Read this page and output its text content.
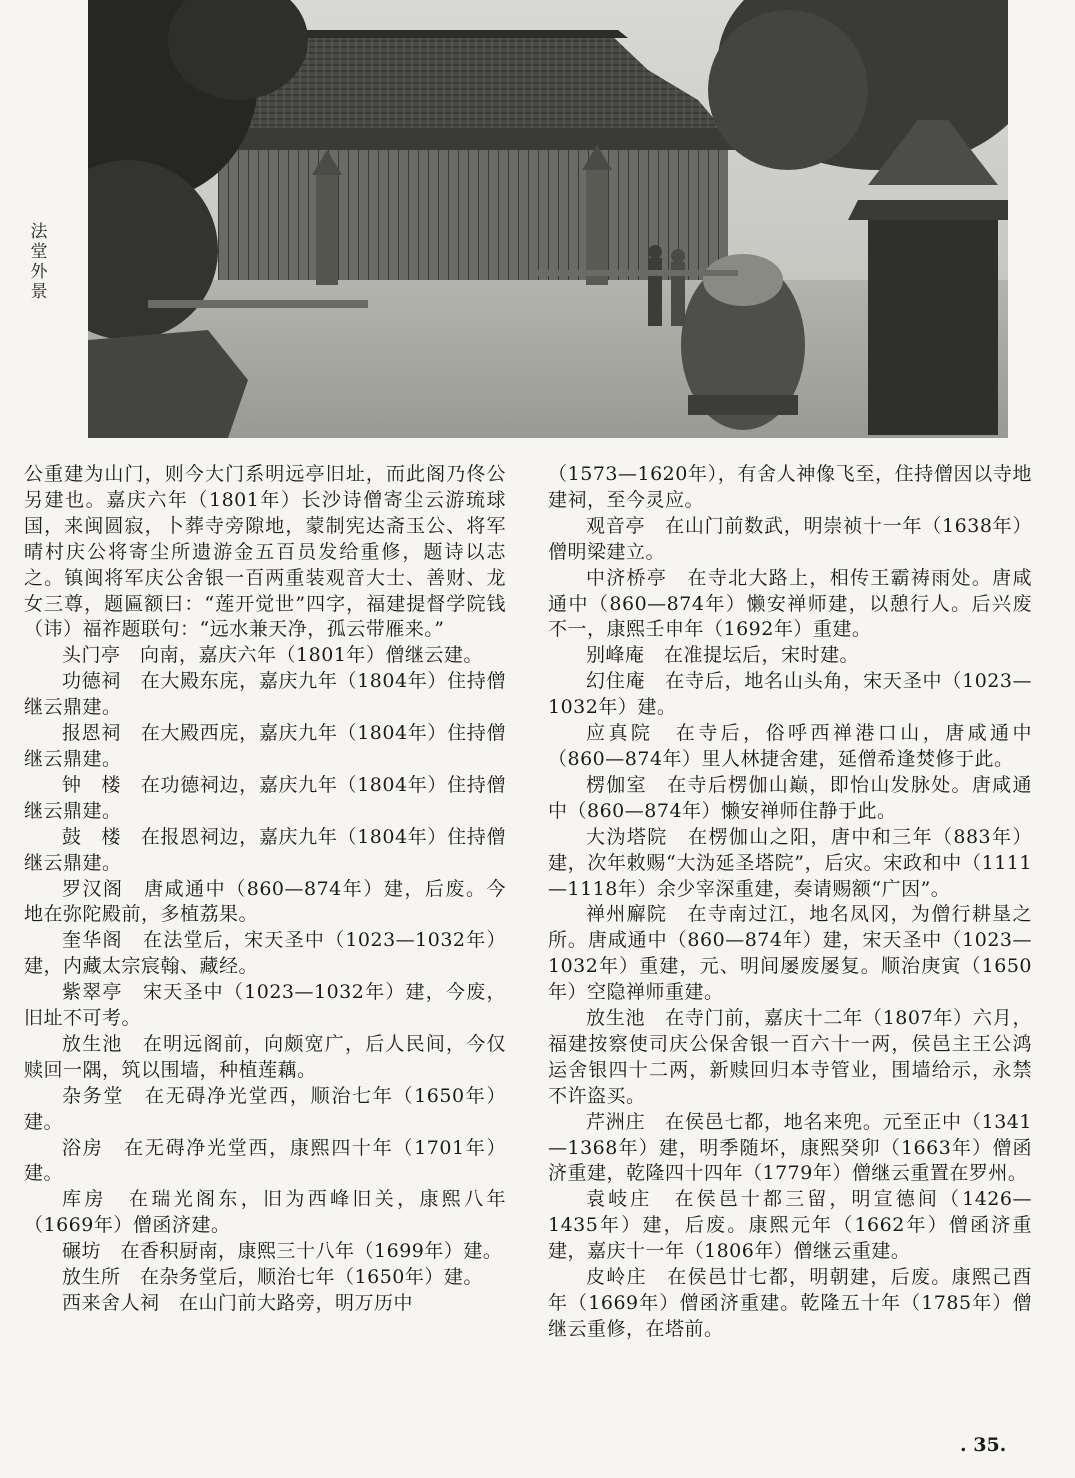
法堂外景

公重建为山门，则今大门系明远亭旧址，而此阁乃佟公另建也。嘉庆六年（1801年）长沙诗僧寄尘云游琉球国，来闽圆寂，卜葬寺旁隙地，蒙制宪达斋玉公、将军晴村庆公将寄尘所遗游金五百员发给重修，题诗以志之。镇闽将军庆公舍银一百两重装观音大士、善财、龙女三尊，题匾额曰：“莲开觉世”四字，福建提督学院钱（讳）福祚题联句：“远水兼天净，孤云带雁来。”

头门亭　 向南，嘉庆六年（1801年）僧继云建。

功德祠　 在大殿东庑，嘉庆九年（1804年）住持僧继云鼎建。

报恩祠　 在大殿西庑，嘉庆九年（1804年）住持僧继云鼎建。

钟　楼　 在功德祠边，嘉庆九年（1804年）住持僧继云鼎建。

鼓　楼　 在报恩祠边，嘉庆九年（1804年）住持僧继云鼎建。

罗汉阁　 唐咸通中（860—874年）建，后废。今地在弥陀殿前，多植荔果。

奎华阁　 在法堂后，宋天圣中（1023—1032年）建，内藏太宗宸翰、藏经。

紫翠亭　 宋天圣中（1023—1032年）建，今废，旧址不可考。

放生池　 在明远阁前，向颇宽广，后人民间，今仅赎回一隅，筑以围墙，种植莲藕。

杂务堂　 在无碍净光堂西，顺治七年（1650年）建。

浴房　 在无碍净光堂西，康熙四十年（1701年）建。

库房　 在瑞光阁东，旧为西峰旧关，康熙八年（1669年）僧函济建。

碾坊　 在香积厨南，康熙三十八年（1699年）建。

放生所　 在杂务堂后，顺治七年（1650年）建。

西来舍人祠　 在山门前大路旁，明万历中

（1573—1620年），有舍人神像飞至，住持僧因以寺地建祠，至今灵应。

观音亭　 在山门前数武，明崇祯十一年（1638年）僧明梁建立。

中济桥亭　 在寺北大路上，相传王霸祷雨处。唐咸通中（860—874年）懒安禅师建，以憩行人。后兴废不一，康熙壬申年（1692年）重建。

别峰庵　 在准提坛后，宋时建。

幻住庵　 在寺后，地名山头角，宋天圣中（1023—1032年）建。

应真院　 在寺后，俗呼西禅港口山，唐咸通中（860—874年）里人林捷舍建，延僧希逢焚修于此。

楞伽室　 在寺后楞伽山巅，即怡山发脉处。唐咸通中（860—874年）懒安禅师住静于此。

大沩塔院　 在楞伽山之阳，唐中和三年（883年）建，次年敕赐“大沩延圣塔院”，后灾。宋政和中（1111—1118年）余少宰深重建，奏请赐额“广因”。

禅州廨院　 在寺南过江，地名凤冈，为僧行耕垦之所。唐咸通中（860—874年）建，宋天圣中（1023—1032年）重建，元、明间屡废屡复。顺治庚寅（1650年）空隐禅师重建。

放生池　 在寺门前，嘉庆十二年（1807年）六月，福建按察使司庆公保舍银一百六十一两，侯邑主王公鸿运舍银四十二两，新赎回归本寺管业，围墙给示，永禁不许盗买。

芹洲庄　 在侯邑七都，地名来兜。元至正中（1341—1368年）建，明季随坏，康熙癸卯（1663年）僧函济重建，乾隆四十四年（1779年）僧继云重置在罗州。

袁岐庄　 在侯邑十都三留，明宣德间（1426—1435年）建，后废。康熙元年（1662年）僧函济重建，嘉庆十一年（1806年）僧继云重建。

皮岭庄　 在侯邑廿七都，明朝建，后废。康熙己酉年（1669年）僧函济重建。乾隆五十年（1785年）僧继云重修，在塔前。

. 35.
